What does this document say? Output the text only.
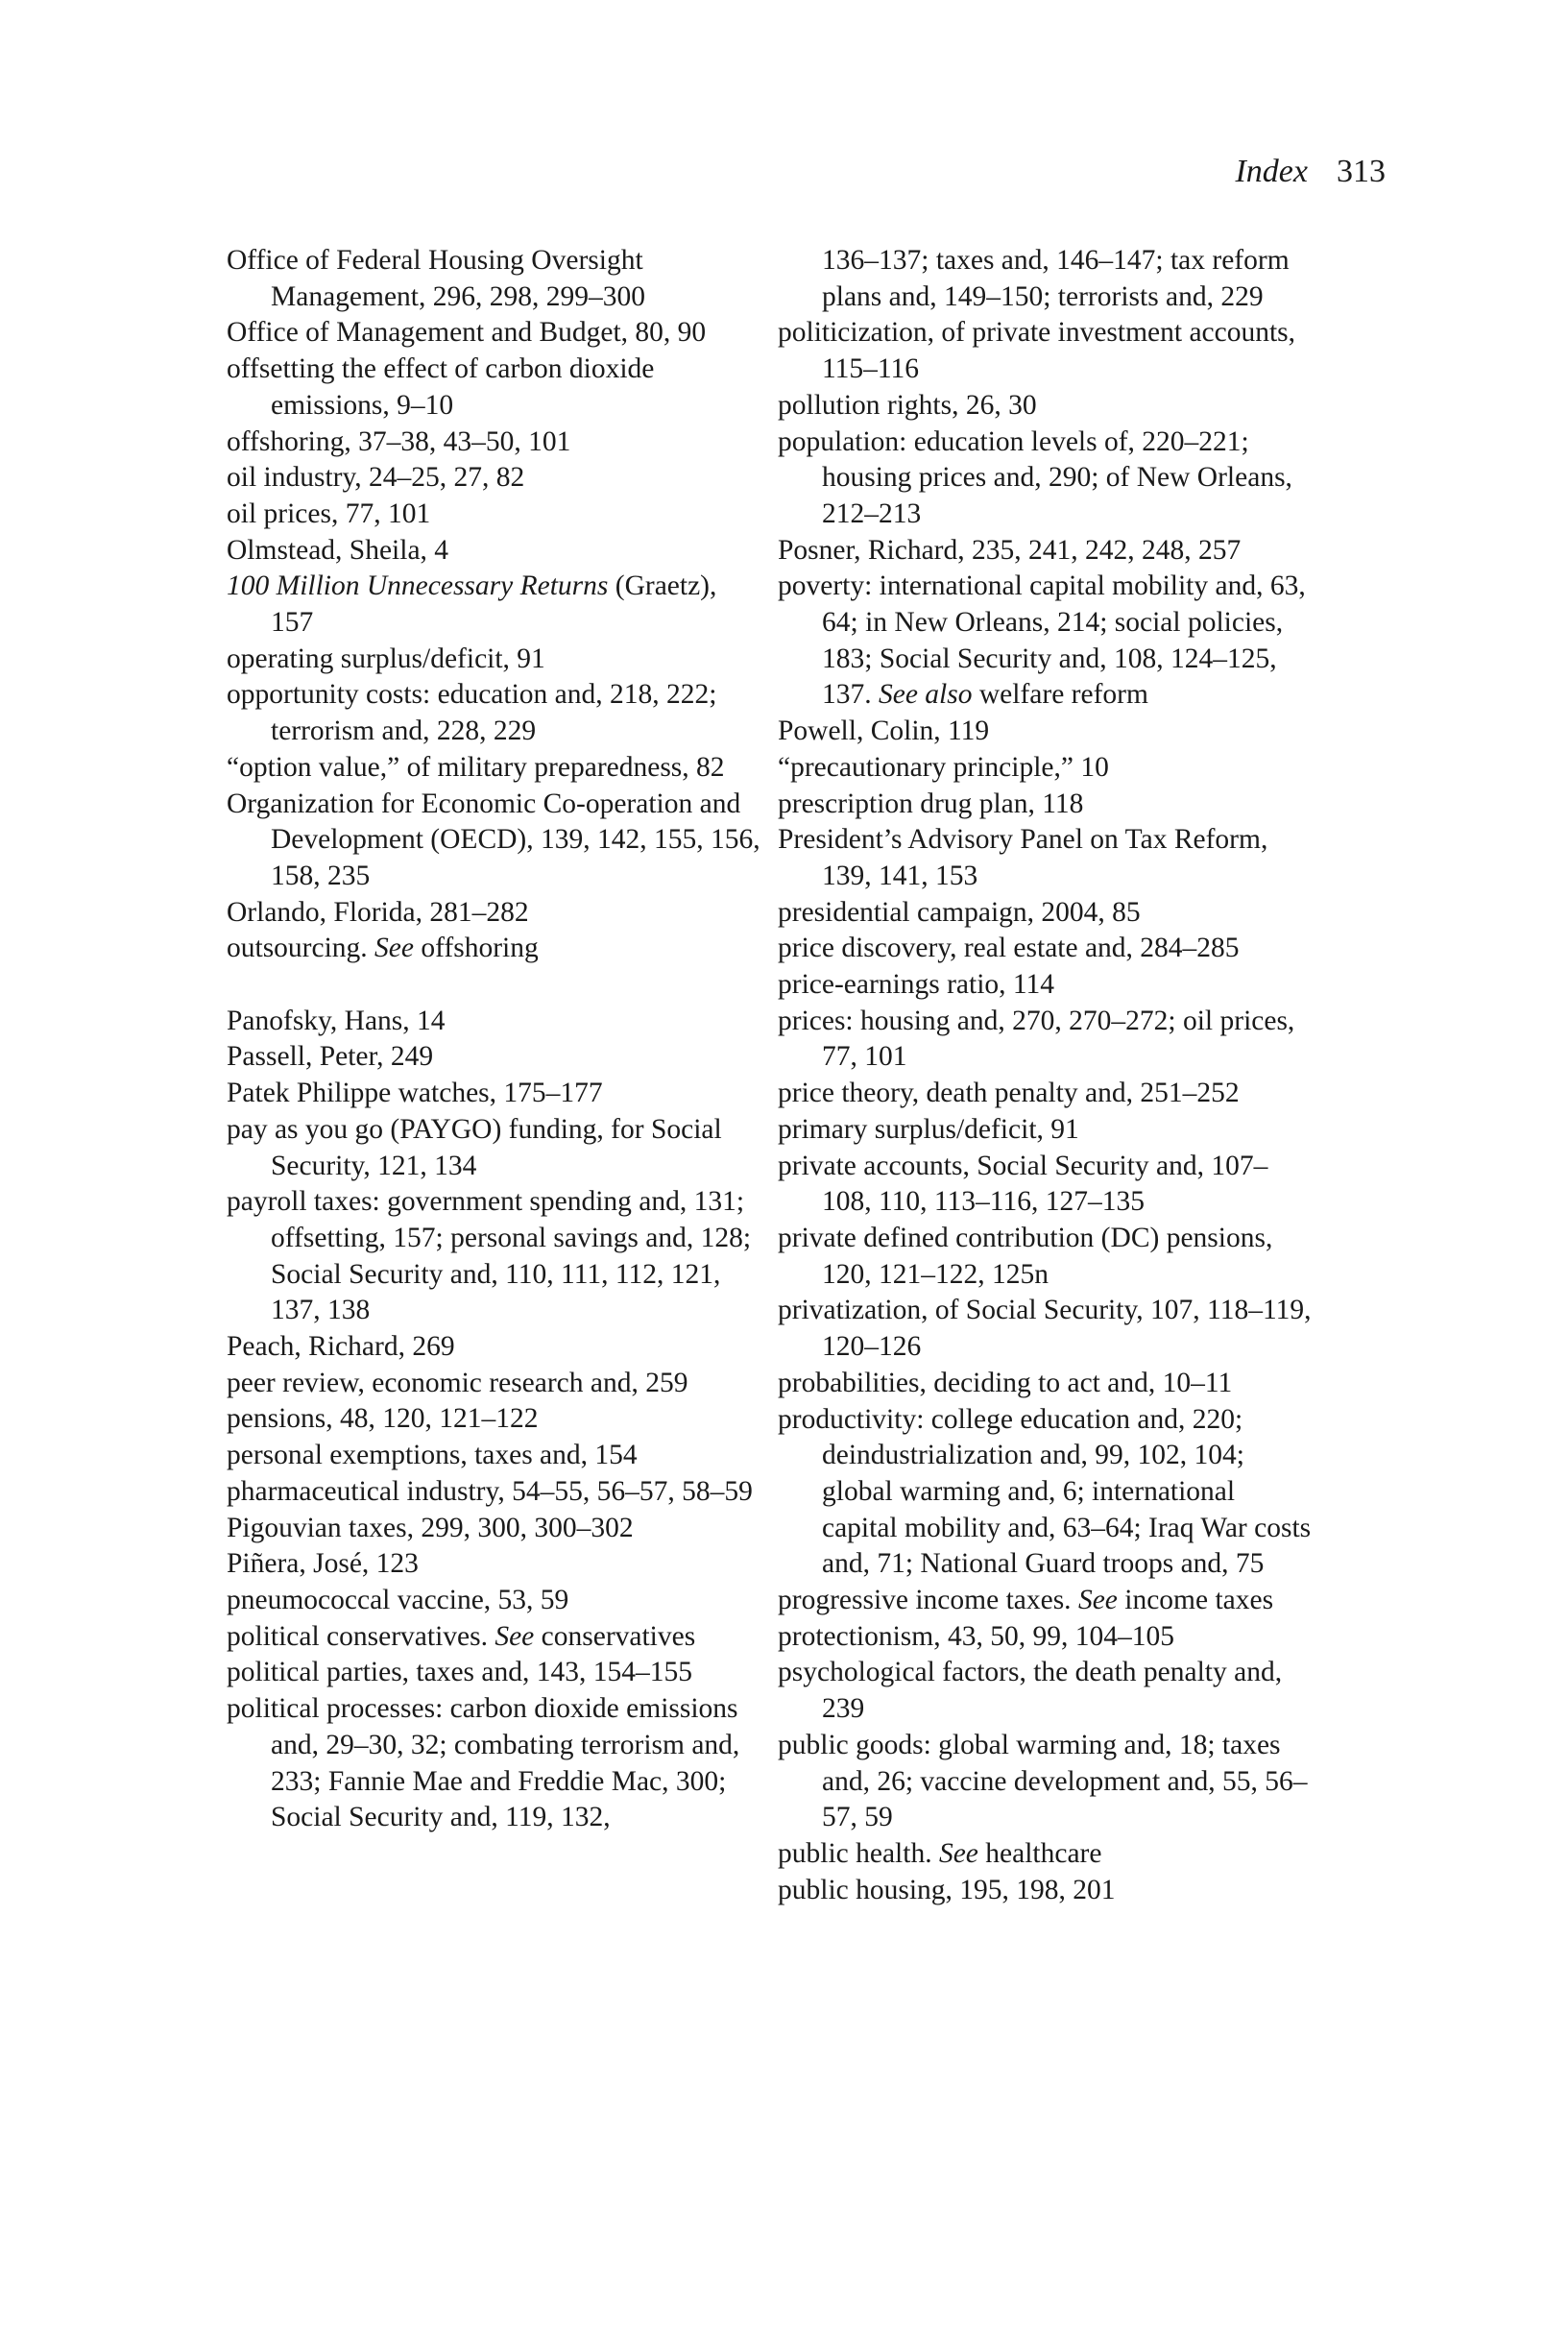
Index 313

Office of Federal Housing Oversight Management, 296, 298, 299–300

Office of Management and Budget, 80, 90

offsetting the effect of carbon dioxide emissions, 9–10

offshoring, 37–38, 43–50, 101

oil industry, 24–25, 27, 82

oil prices, 77, 101

Olmstead, Sheila, 4

100 Million Unnecessary Returns (Graetz), 157

operating surplus/deficit, 91

opportunity costs: education and, 218, 222; terrorism and, 228, 229

“option value,” of military preparedness, 82

Organization for Economic Co-operation and Development (OECD), 139, 142, 155, 156, 158, 235

Orlando, Florida, 281–282

outsourcing. See offshoring

Panofsky, Hans, 14

Passell, Peter, 249

Patek Philippe watches, 175–177

pay as you go (PAYGO) funding, for Social Security, 121, 134

payroll taxes: government spending and, 131; offsetting, 157; personal savings and, 128; Social Security and, 110, 111, 112, 121, 137, 138

Peach, Richard, 269

peer review, economic research and, 259

pensions, 48, 120, 121–122

personal exemptions, taxes and, 154

pharmaceutical industry, 54–55, 56–57, 58–59

Pigouvian taxes, 299, 300, 300–302

Piñera, José, 123

pneumococcal vaccine, 53, 59

political conservatives. See conservatives

political parties, taxes and, 143, 154–155

political processes: carbon dioxide emissions and, 29–30, 32; combating terrorism and, 233; Fannie Mae and Freddie Mac, 300; Social Security and, 119, 132,

136–137; taxes and, 146–147; tax reform plans and, 149–150; terrorists and, 229

politicization, of private investment accounts, 115–116

pollution rights, 26, 30

population: education levels of, 220–221; housing prices and, 290; of New Orleans, 212–213

Posner, Richard, 235, 241, 242, 248, 257

poverty: international capital mobility and, 63, 64; in New Orleans, 214; social policies, 183; Social Security and, 108, 124–125, 137. See also welfare reform

Powell, Colin, 119

“precautionary principle,” 10

prescription drug plan, 118

President’s Advisory Panel on Tax Reform, 139, 141, 153

presidential campaign, 2004, 85

price discovery, real estate and, 284–285

price-earnings ratio, 114

prices: housing and, 270, 270–272; oil prices, 77, 101

price theory, death penalty and, 251–252

primary surplus/deficit, 91

private accounts, Social Security and, 107–108, 110, 113–116, 127–135

private defined contribution (DC) pensions, 120, 121–122, 125n

privatization, of Social Security, 107, 118–119, 120–126

probabilities, deciding to act and, 10–11

productivity: college education and, 220; deindustrialization and, 99, 102, 104; global warming and, 6; international capital mobility and, 63–64; Iraq War costs and, 71; National Guard troops and, 75

progressive income taxes. See income taxes

protectionism, 43, 50, 99, 104–105

psychological factors, the death penalty and, 239

public goods: global warming and, 18; taxes and, 26; vaccine development and, 55, 56–57, 59

public health. See healthcare

public housing, 195, 198, 201
